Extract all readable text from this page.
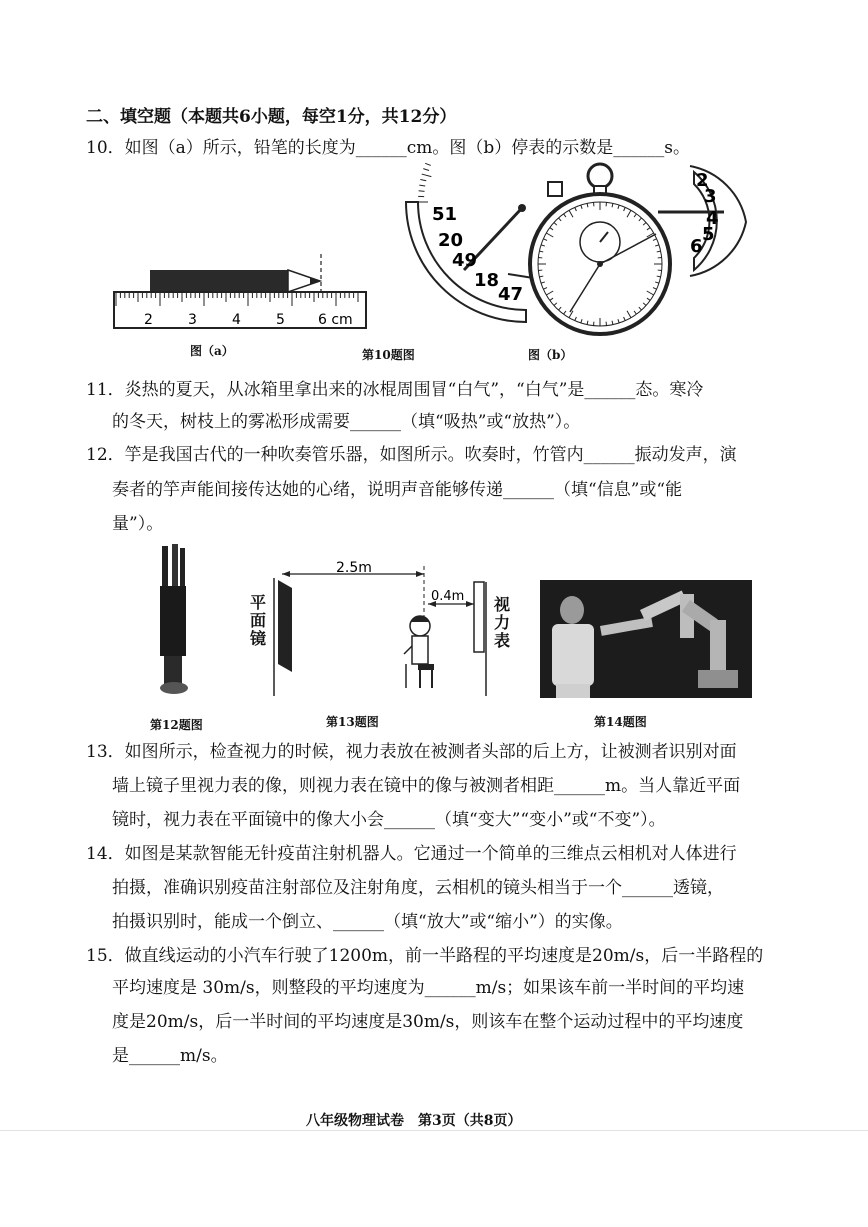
二、填空题（本题共6小题，每空1分，共12分）
10．如图（a）所示，铅笔的长度为______cm。图（b）停表的示数是______s。
2	3	4	5 6 cm
图（a）
51
20
49
18
47
2
3
4
5
6
第10题图	图（b）
11．炎热的夏天，从冰箱里拿出来的冰棍周围冒“白气”，“白气”是______态。寒冷
的冬天，树枝上的雾凇形成需要______（填“吸热”或“放热”）。
12．竽是我国古代的一种吹奏管乐器，如图所示。吹奏时，竹管内______振动发声，演
奏者的竽声能间接传达她的心绪，说明声音能够传递______（填“信息”或“能
量”）。
2.5m
0.4m
平面镜
视力表
第12题图	第13题图	第14题图
13．如图所示，检查视力的时候，视力表放在被测者头部的后上方，让被测者识别对面
墙上镜子里视力表的像，则视力表在镜中的像与被测者相距______m。当人靠近平面
镜时，视力表在平面镜中的像大小会______（填“变大”“变小”或“不变”）。
14．如图是某款智能无针疫苗注射机器人。它通过一个简单的三维点云相机对人体进行
拍摄，准确识别疫苗注射部位及注射角度，云相机的镜头相当于一个______透镜，
拍摄识别时，能成一个倒立、______（填“放大”或“缩小”）的实像。
15．做直线运动的小汽车行驶了1200m，前一半路程的平均速度是20m/s，后一半路程的
平均速度是 30m/s，则整段的平均速度为______m/s；如果该车前一半时间的平均速
度是20m/s，后一半时间的平均速度是30m/s，则该车在整个运动过程中的平均速度
是______m/s。
八年级物理试卷　第3页（共8页）
